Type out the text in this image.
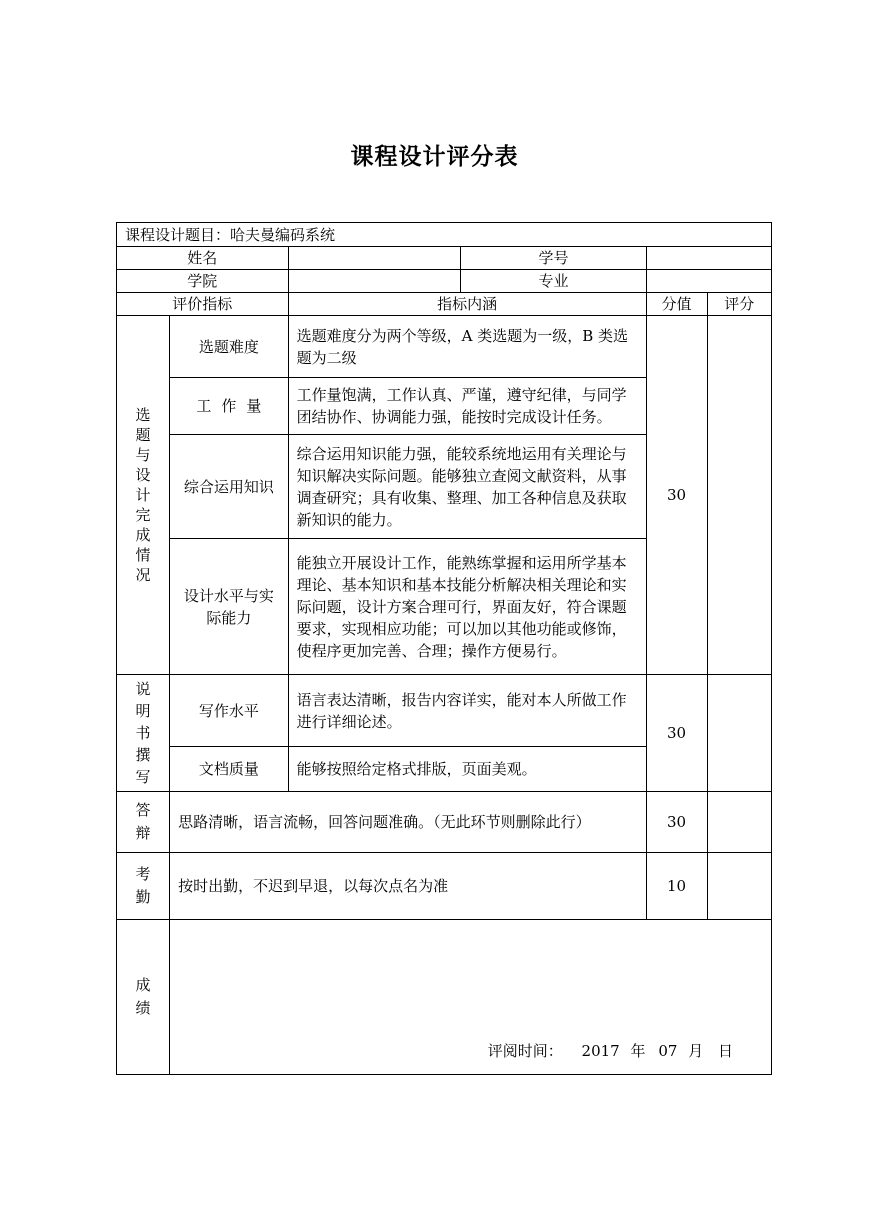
课程设计评分表
课程设计题目：哈夫曼编码系统					
姓名			学号		
学院			专业		
评价指标		指标内涵		分值	评分

选题与设计完成情况	选题难度	选题难度分为两个等级，A 类选题为一级，B 类选题为二级		30	
	工作量	工作量饱满，工作认真、严谨，遵守纪律，与同学团结协作、协调能力强，能按时完成设计任务。			

	综合运用知识	综合运用知识能力强，能较系统地运用有关理论与知识解决实际问题。能够独立查阅文献资料，从事调查研究；具有收集、整理、加工各种信息及获取新知识的能力。			

	设计水平与实际能力	能独立开展设计工作，能熟练掌握和运用所学基本理论、基本知识和基本技能分析解决相关理论和实际问题，设计方案合理可行，界面友好，符合课题要求，实现相应功能；可以加以其他功能或修饰，使程序更加完善、合理；操作方便易行。			

说明书撰写	写作水平	语言表达清晰，报告内容详实，能对本人所做工作进行详细论述。		30	
	文档质量	能够按照给定格式排版，页面美观。			

答辩	思路清晰，语言流畅，回答问题准确。（无此环节则删除此行）			30	

考勤	按时出勤，不迟到早退，以每次点名为准			10	

成绩	评阅时间： 2017 年 07 月 日				
